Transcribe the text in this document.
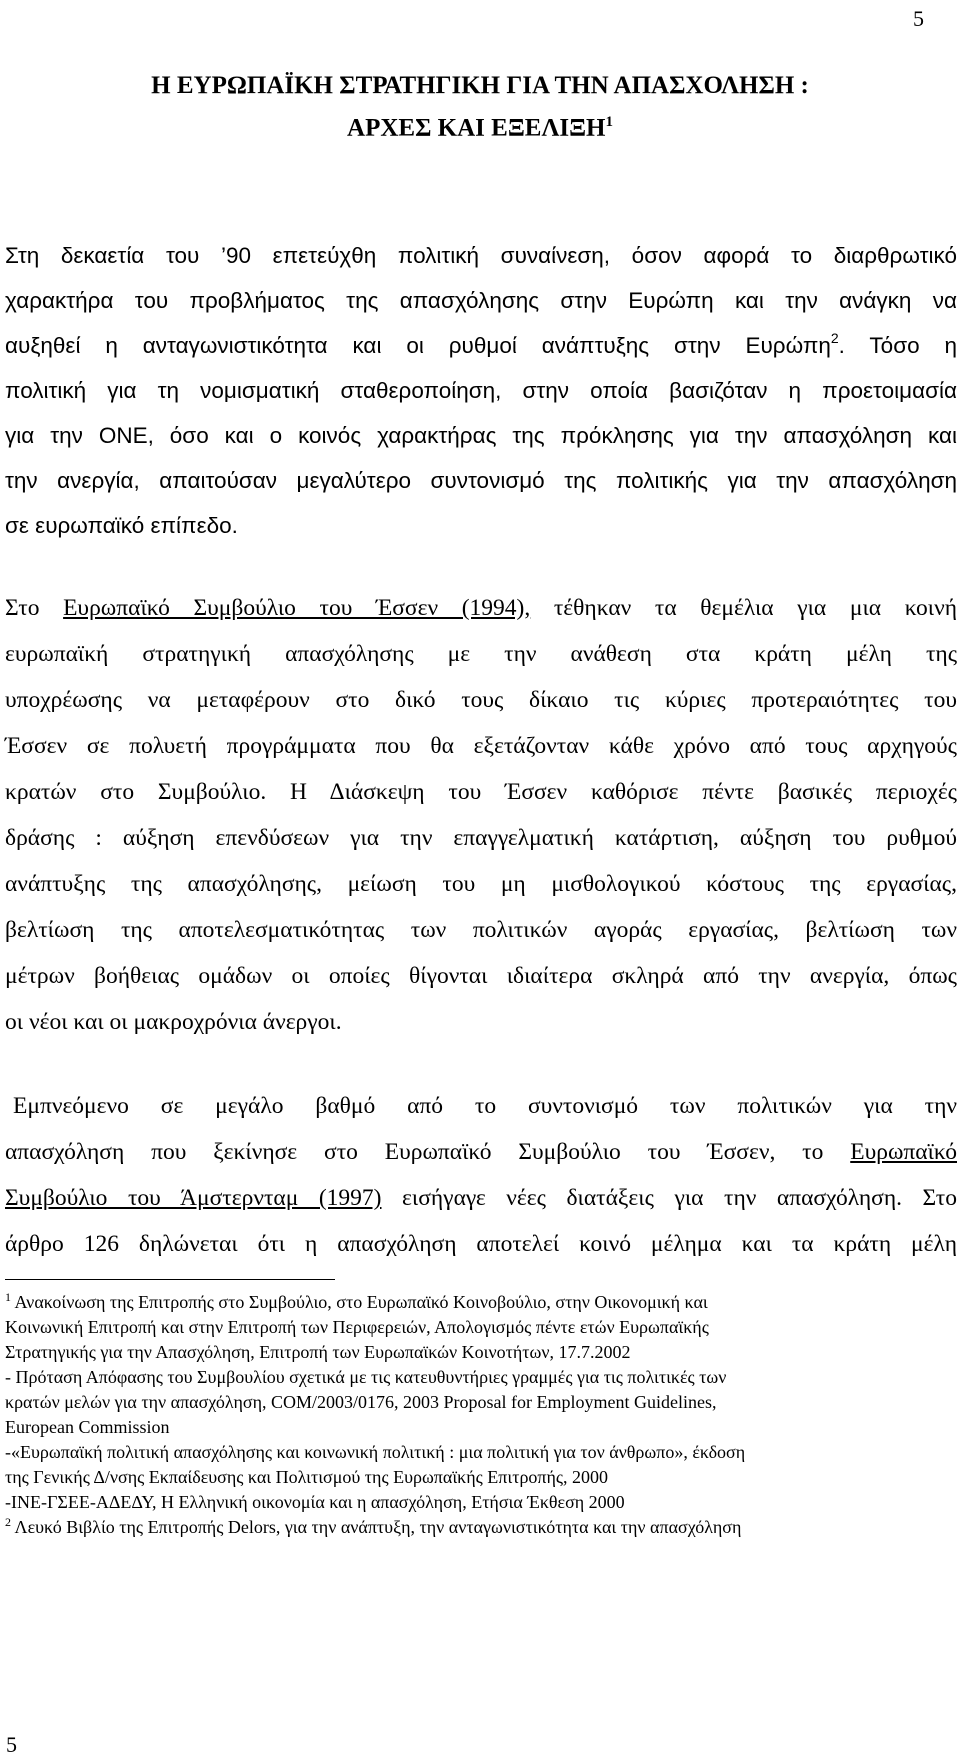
5
Η ΕΥΡΩΠΑΪΚΗ ΣΤΡΑΤΗΓΙΚΗ ΓΙΑ ΤΗΝ ΑΠΑΣΧΟΛΗΣΗ :
ΑΡΧΕΣ ΚΑΙ ΕΞΕΛΙΞΗ$^1$
Στη δεκαετία του ’90 επετεύχθη πολιτική συναίνεση, όσον αφορά το διαρθρωτικό
χαρακτήρα του προβλήματος της απασχόλησης στην Ευρώπη και την ανάγκη να
αυξηθεί η ανταγωνιστικότητα και οι ρυθμοί ανάπτυξης στην Ευρώπη$^2$. Τόσο η
πολιτική για τη νομισματική σταθεροποίηση, στην οποία βασιζόταν η προετοιμασία
για την ΟΝΕ, όσο και ο κοινός χαρακτήρας της πρόκλησης για την απασχόληση και
την ανεργία, απαιτούσαν μεγαλύτερο συντονισμό της πολιτικής για την απασχόληση
σε ευρωπαϊκό επίπεδο.
Στο Ευρωπαϊκό Συμβούλιο του Έσσεν (1994), τέθηκαν τα θεμέλια για μια κοινή
ευρωπαϊκή στρατηγική απασχόλησης με την ανάθεση στα κράτη μέλη της
υποχρέωσης να μεταφέρουν στο δικό τους δίκαιο τις κύριες προτεραιότητες του
Έσσεν σε πολυετή προγράμματα που θα εξετάζονταν κάθε χρόνο από τους αρχηγούς
κρατών στο Συμβούλιο. Η Διάσκεψη του Έσσεν καθόρισε πέντε βασικές περιοχές
δράσης : αύξηση επενδύσεων για την επαγγελματική κατάρτιση, αύξηση του ρυθμού
ανάπτυξης της απασχόλησης, μείωση του μη μισθολογικού κόστους της εργασίας,
βελτίωση της αποτελεσματικότητας των πολιτικών αγοράς εργασίας, βελτίωση των
μέτρων βοήθειας ομάδων οι οποίες θίγονται ιδιαίτερα σκληρά από την ανεργία, όπως
οι νέοι και οι μακροχρόνια άνεργοι.
Εμπνεόμενο σε μεγάλο βαθμό από το συντονισμό των πολιτικών για την
απασχόληση που ξεκίνησε στο Ευρωπαϊκό Συμβούλιο του Έσσεν, το Ευρωπαϊκό
Συμβούλιο του Άμστερνταμ (1997) εισήγαγε νέες διατάξεις για την απασχόληση. Στο
άρθρο 126 δηλώνεται ότι η απασχόληση αποτελεί κοινό μέλημα και τα κράτη μέλη
$^1$ Ανακοίνωση της Επιτροπής στο Συμβούλιο, στο Ευρωπαϊκό Κοινοβούλιο, στην Οικονομική και
Κοινωνική Επιτροπή και στην Επιτροπή των Περιφερειών, Απολογισμός πέντε ετών Ευρωπαϊκής
Στρατηγικής για την Απασχόληση, Επιτροπή των Ευρωπαϊκών Κοινοτήτων, 17.7.2002
- Πρόταση Απόφασης του Συμβουλίου σχετικά με τις κατευθυντήριες γραμμές για τις πολιτικές των
κρατών μελών για την απασχόληση, COM/2003/0176, 2003 Proposal for Employment Guidelines,
European Commission
-«Ευρωπαϊκή πολιτική απασχόλησης και κοινωνική πολιτική : μια πολιτική για τον άνθρωπο», έκδοση
της Γενικής Δ/νσης Εκπαίδευσης και Πολιτισμού της Ευρωπαϊκής Επιτροπής, 2000
-ΙΝΕ-ΓΣΕΕ-ΑΔΕΔΥ, Η Ελληνική οικονομία και η απασχόληση, Ετήσια Έκθεση 2000
$^2$ Λευκό Βιβλίο της Επιτροπής Delors, για την ανάπτυξη, την ανταγωνιστικότητα και την απασχόληση
5
